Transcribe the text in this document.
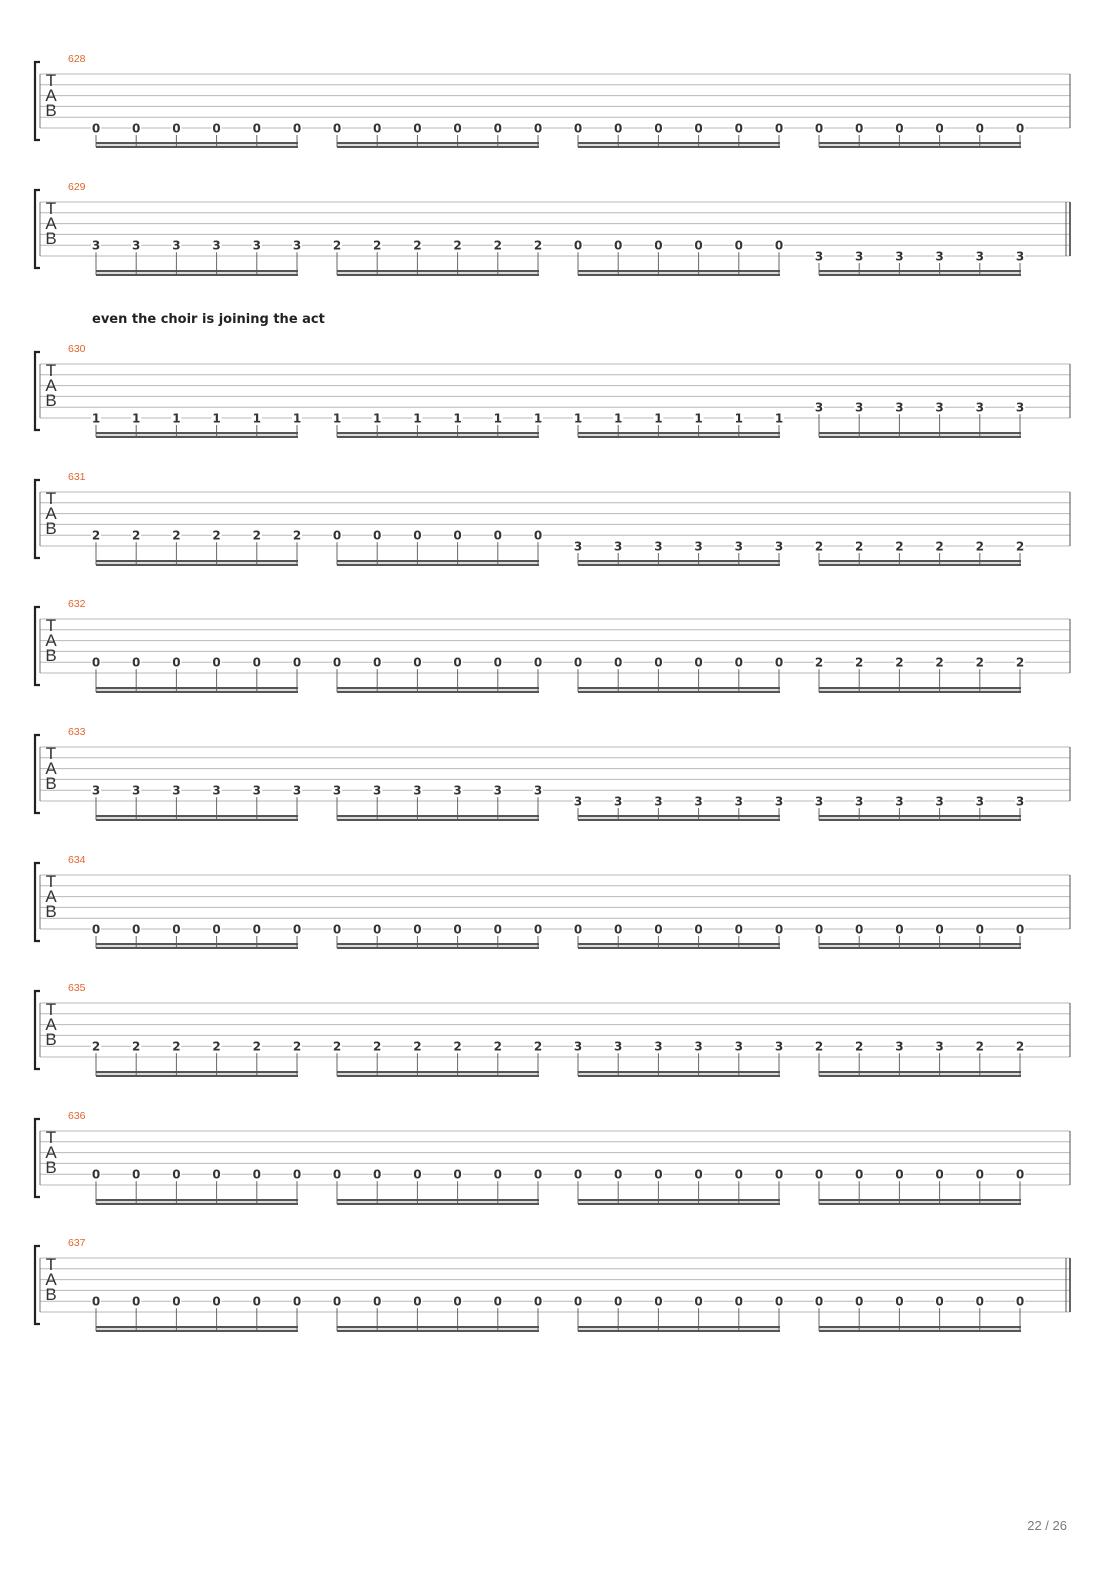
even the choir is joining the act
628
T
A
B
0	0	0	0	0	0	0	0	0	0	0	0	0	0	0	0	0	0	0	0	0	0	0	0
629
T
A
B	3	3	3	3	3	3	2	2	2	2	2	2	0	0	0	0	0	0
3	3	3	3	3	3
630
T
A
B
1	1	1	1	1	1	1	1	1	1	1	1	1	1	1	1	1	1
3	3	3	3	3	3
631
T
A
B	2	2	2	2	2	2	0	0	0	0	0	0
3	3	3	3	3	3	2	2	2	2	2	2
632
T
A
B	0	0	0	0	0	0	0	0	0	0	0	0	0	0	0	0	0	0	2	2	2	2	2	2
633
T
A
B	3	3	3	3	3	3	3	3	3	3	3	3
3	3	3	3	3	3	3	3	3	3	3	3
634
T
A
B
0	0	0	0	0	0	0	0	0	0	0	0	0	0	0	0	0	0	0	0	0	0	0	0
635
T
A
B	2	2	2	2	2	2	2	2	2	2	2	2	3	3	3	3	3	3	2	2	3	3	2	2
636
T
A
B	0	0	0	0	0	0	0	0	0	0	0	0	0	0	0	0	0	0	0	0	0	0	0	0
637
T
A
B	0	0	0	0	0	0	0	0	0	0	0	0	0	0	0	0	0	0	0	0	0	0	0	0
22 / 26
